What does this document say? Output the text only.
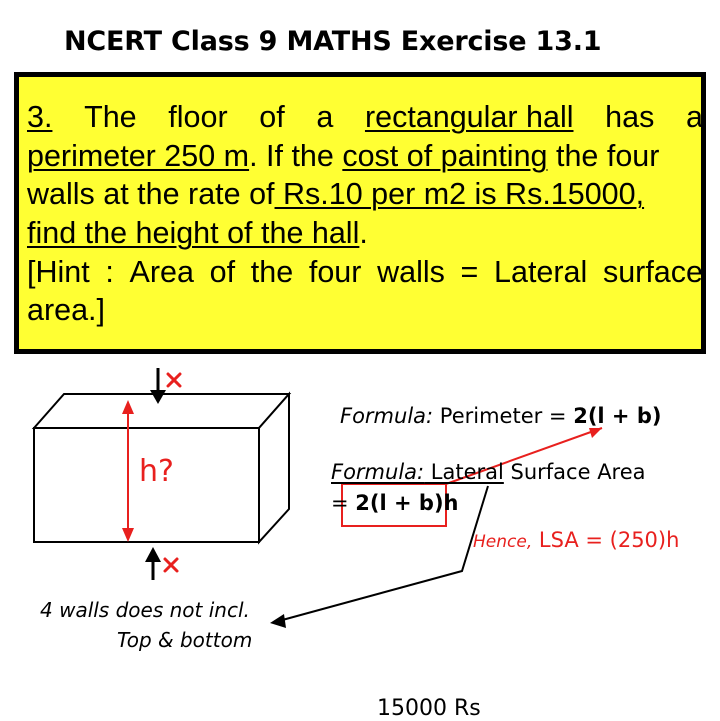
NCERT Class 9 MATHS Exercise 13.1
3. The floor of a rectangular hall has a
perimeter 250 m. If the cost of painting the four
walls at the rate of Rs.10 per m2 is Rs.15000,
find the height of the hall.
[Hint : Area of the four walls = Lateral surface
area.]
h?
Formula: Perimeter = 2(l + b)
Formula: Lateral Surface Area
= 2(l + b)h
Hence, LSA = (250)h
4 walls does not incl.
Top & bottom
15000 Rs
